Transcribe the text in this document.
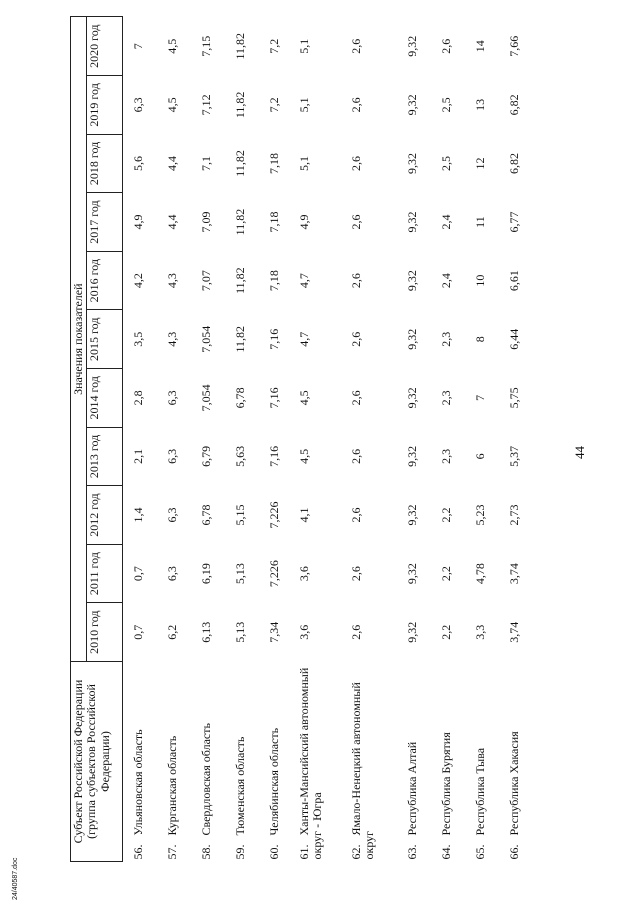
44
24/40587.doc
Субъект Российской Федерации (группа субъектов Российской Федерации)	Значения показателей										
	2010 год	2011 год	2012 год	2013 год	2014 год	2015 год	2016 год	2017 год	2018 год	2019 год	2020 год
56.Ульяновская область	0,7	0,7	1,4	2,1	2,8	3,5	4,2	4,9	5,6	6,3	7
57.Курганская область	6,2	6,3	6,3	6,3	6,3	4,3	4,3	4,4	4,4	4,5	4,5
58.Свердловская область	6,13	6,19	6,78	6,79	7,054	7,054	7,07	7,09	7,1	7,12	7,15
59.Тюменская область	5,13	5,13	5,15	5,63	6,78	11,82	11,82	11,82	11,82	11,82	11,82
60.Челябинская область	7,34	7,226	7,226	7,16	7,16	7,16	7,18	7,18	7,18	7,2	7,2
61.Ханты-Мансийский автономный округ - Югра	3,6	3,6	4,1	4,5	4,5	4,7	4,7	4,9	5,1	5,1	5,1
62.Ямало-Ненецкий автономный округ	2,6	2,6	2,6	2,6	2,6	2,6	2,6	2,6	2,6	2,6	2,6
63.Республика Алтай	9,32	9,32	9,32	9,32	9,32	9,32	9,32	9,32	9,32	9,32	9,32
64.Республика Бурятия	2,2	2,2	2,2	2,3	2,3	2,3	2,4	2,4	2,5	2,5	2,6
65.Республика Тыва	3,3	4,78	5,23	6	7	8	10	11	12	13	14
66.Республика Хакасия	3,74	3,74	2,73	5,37	5,75	6,44	6,61	6,77	6,82	6,82	7,66
